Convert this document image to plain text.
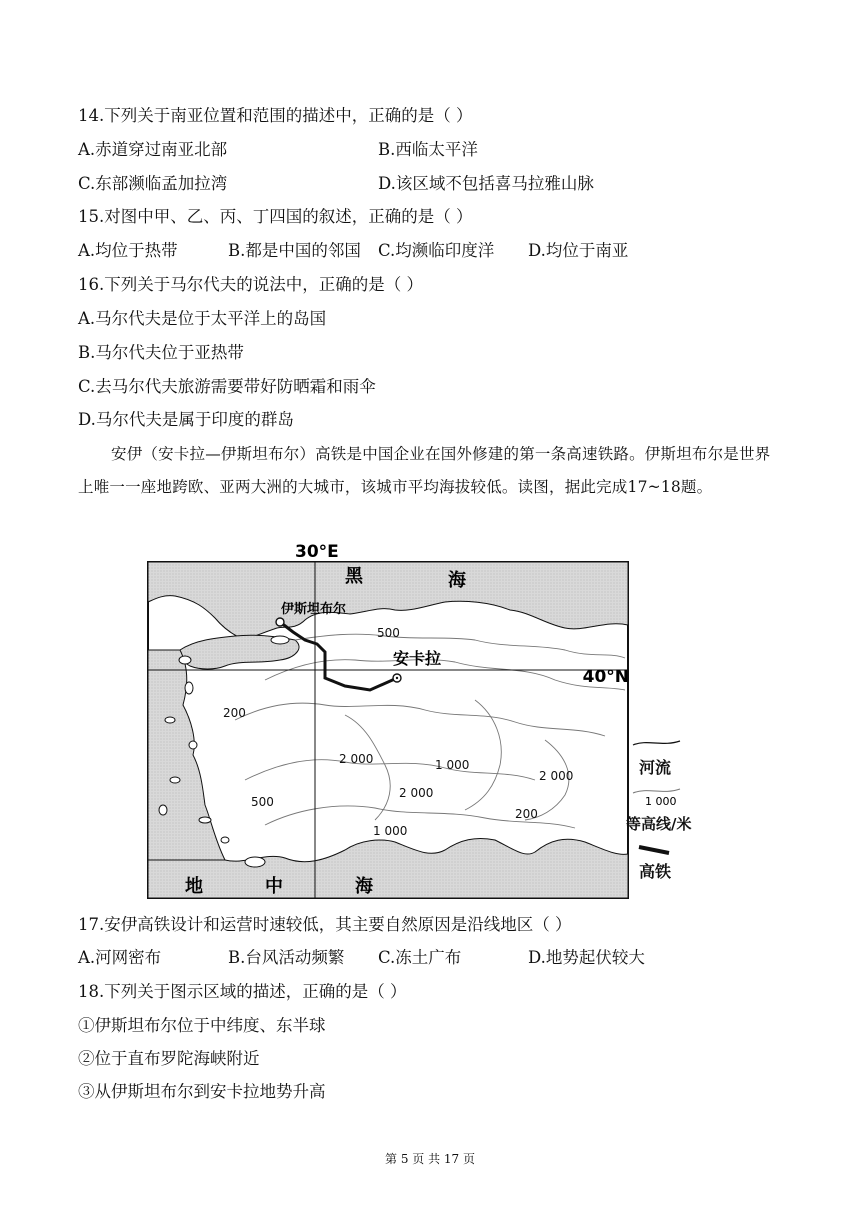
14.下列关于南亚位置和范围的描述中，正确的是（ ）
A.赤道穿过南亚北部	B.西临太平洋
C.东部濒临孟加拉湾	D.该区域不包括喜马拉雅山脉
15.对图中甲、乙、丙、丁四国的叙述，正确的是（ ）
A.均位于热带	B.都是中国的邻国 C.均濒临印度洋 D.均位于南亚
16.下列关于马尔代夫的说法中，正确的是（ ）
A.马尔代夫是位于太平洋上的岛国
B.马尔代夫位于亚热带
C.去马尔代夫旅游需要带好防晒霜和雨伞
D.马尔代夫是属于印度的群岛
安伊（安卡拉—伊斯坦布尔）高铁是中国企业在国外修建的第一条高速铁路。伊斯坦布尔是世界上唯一一座地跨欧、亚两大洲的大城市，该城市平均海拔较低。读图，据此完成17~18题。
30°E
40°N
黑	海
地	中	海
伊斯坦布尔
安卡拉
500
200
2 000	1 000
2 000
2 000
500
200
1 000
河流
1 000
等高线/米
高铁
17.安伊高铁设计和运营时速较低，其主要自然原因是沿线地区（ ）
A.河网密布	B.台风活动频繁 C.冻土广布	D.地势起伏较大
18.下列关于图示区域的描述，正确的是（ ）
①伊斯坦布尔位于中纬度、东半球
②位于直布罗陀海峡附近
③从伊斯坦布尔到安卡拉地势升高
第 5 页 共 17 页
